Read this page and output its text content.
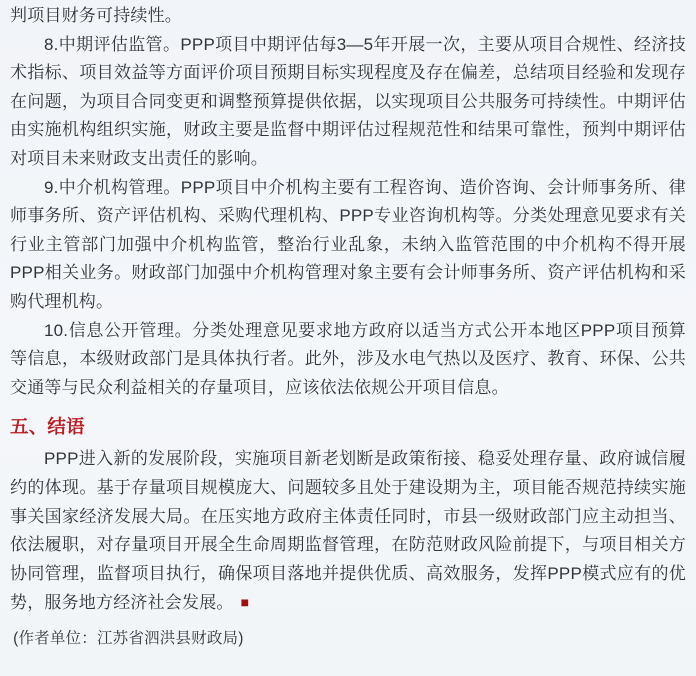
判项目财务可持续性。

8.中期评估监管。PPP项目中期评估每3—5年开展一次，主要从项目合规性、经济技术指标、项目效益等方面评价项目预期目标实现程度及存在偏差，总结项目经验和发现存在问题，为项目合同变更和调整预算提供依据，以实现项目公共服务可持续性。中期评估由实施机构组织实施，财政主要是监督中期评估过程规范性和结果可靠性，预判中期评估对项目未来财政支出责任的影响。

9.中介机构管理。PPP项目中介机构主要有工程咨询、造价咨询、会计师事务所、律师事务所、资产评估机构、采购代理机构、PPP专业咨询机构等。分类处理意见要求有关行业主管部门加强中介机构监管，整治行业乱象，未纳入监管范围的中介机构不得开展PPP相关业务。财政部门加强中介机构管理对象主要有会计师事务所、资产评估机构和采购代理机构。

10.信息公开管理。分类处理意见要求地方政府以适当方式公开本地区PPP项目预算等信息，本级财政部门是具体执行者。此外，涉及水电气热以及医疗、教育、环保、公共交通等与民众利益相关的存量项目，应该依法依规公开项目信息。

五、结语

PPP进入新的发展阶段，实施项目新老划断是政策衔接、稳妥处理存量、政府诚信履约的体现。基于存量项目规模庞大、问题较多且处于建设期为主，项目能否规范持续实施事关国家经济发展大局。在压实地方政府主体责任同时，市县一级财政部门应主动担当、依法履职，对存量项目开展全生命周期监督管理，在防范财政风险前提下，与项目相关方协同管理，监督项目执行，确保项目落地并提供优质、高效服务，发挥PPP模式应有的优势，服务地方经济社会发展。 ■

(作者单位：江苏省泗洪县财政局)
